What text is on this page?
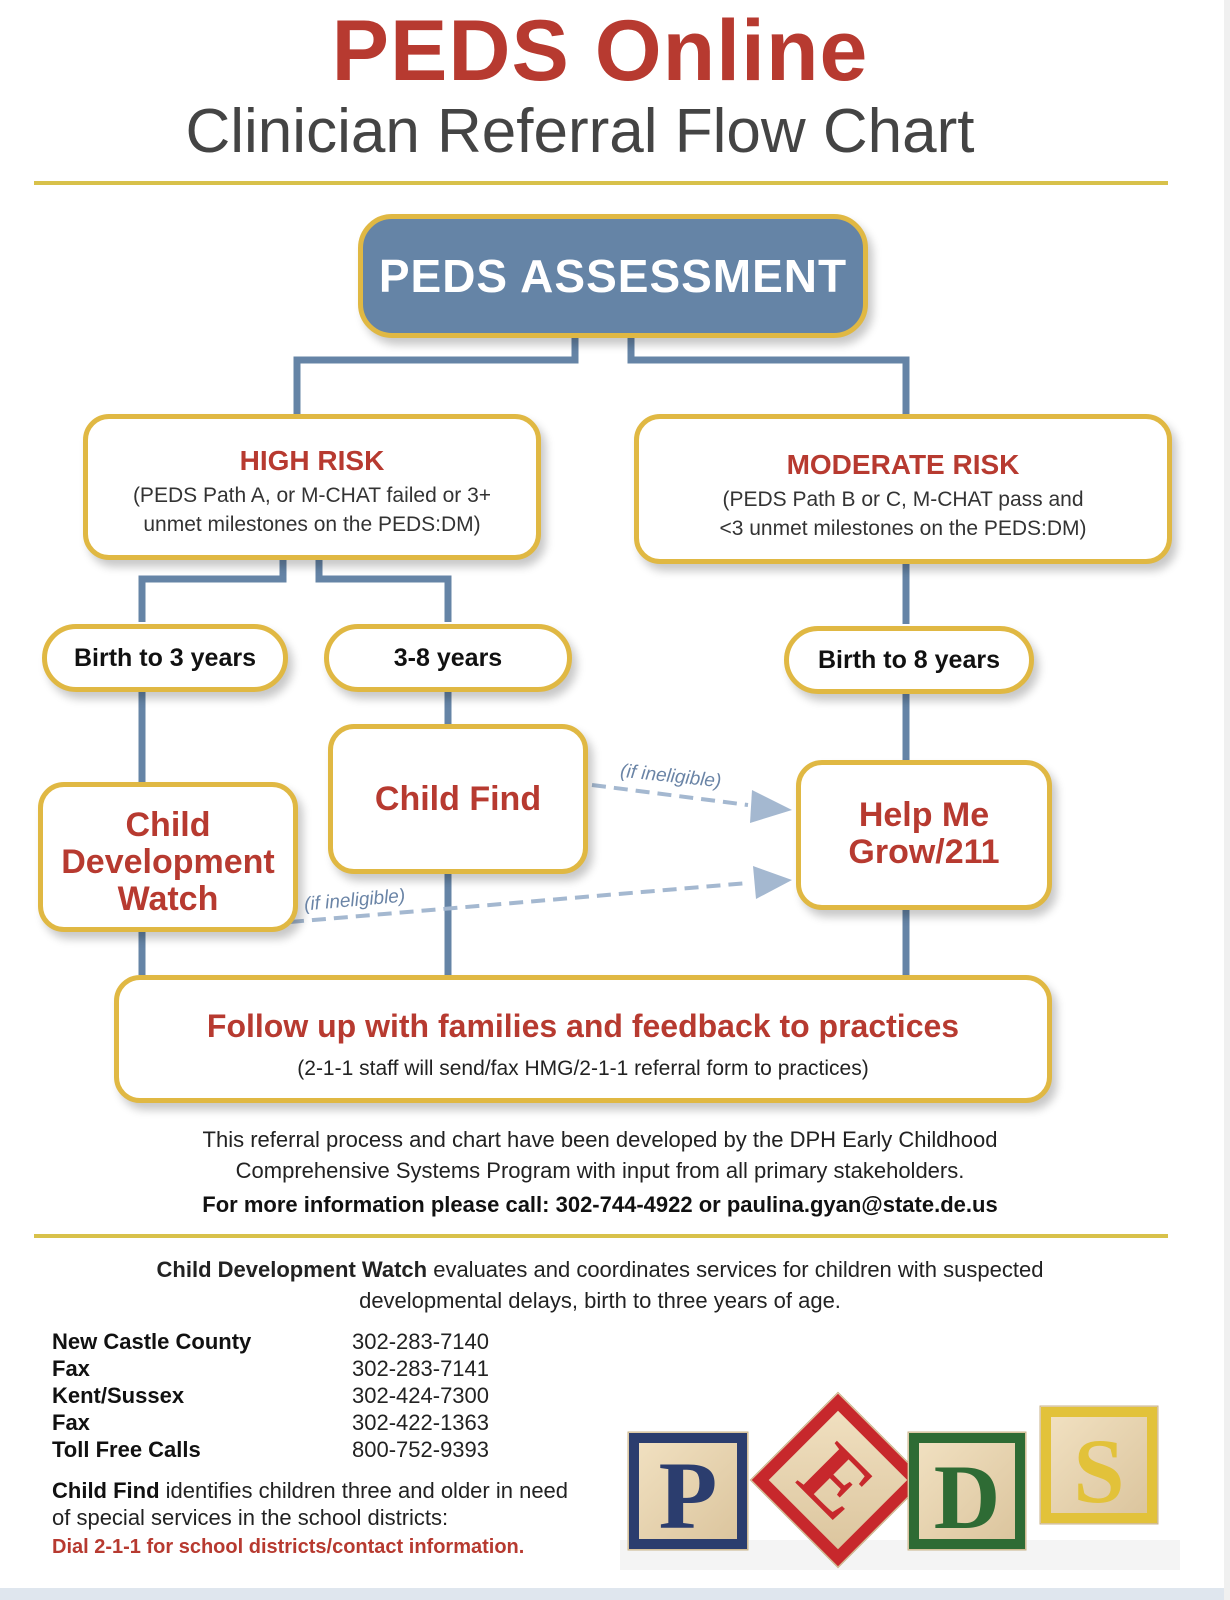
PEDS Online
Clinician Referral Flow Chart
PEDS ASSESSMENT
HIGH RISK
(PEDS Path A, or M-CHAT failed or 3+
unmet milestones on the PEDS:DM)
MODERATE RISK
(PEDS Path B or C, M-CHAT pass and
<3 unmet milestones on the PEDS:DM)
Birth to 3 years	3-8 years	Birth to 8 years
Child Find
Child
Development
Watch
Help Me
Grow/211
(if ineligible)
(if ineligible)
Follow up with families and feedback to practices
(2-1-1 staff will send/fax HMG/2-1-1 referral form to practices)
This referral process and chart have been developed by the DPH Early Childhood
Comprehensive Systems Program with input from all primary stakeholders.
For more information please call: 302-744-4922 or paulina.gyan@state.de.us
Child Development Watch evaluates and coordinates services for children with suspected
developmental delays, birth to three years of age.
New Castle County	302-283-7140
Fax	302-283-7141
Kent/Sussex	302-424-7300
Fax	302-422-1363
Toll Free Calls	800-752-9393
Child Find identifies children three and older in need
of special services in the school districts:
Dial 2-1-1 for school districts/contact information. P E D S
